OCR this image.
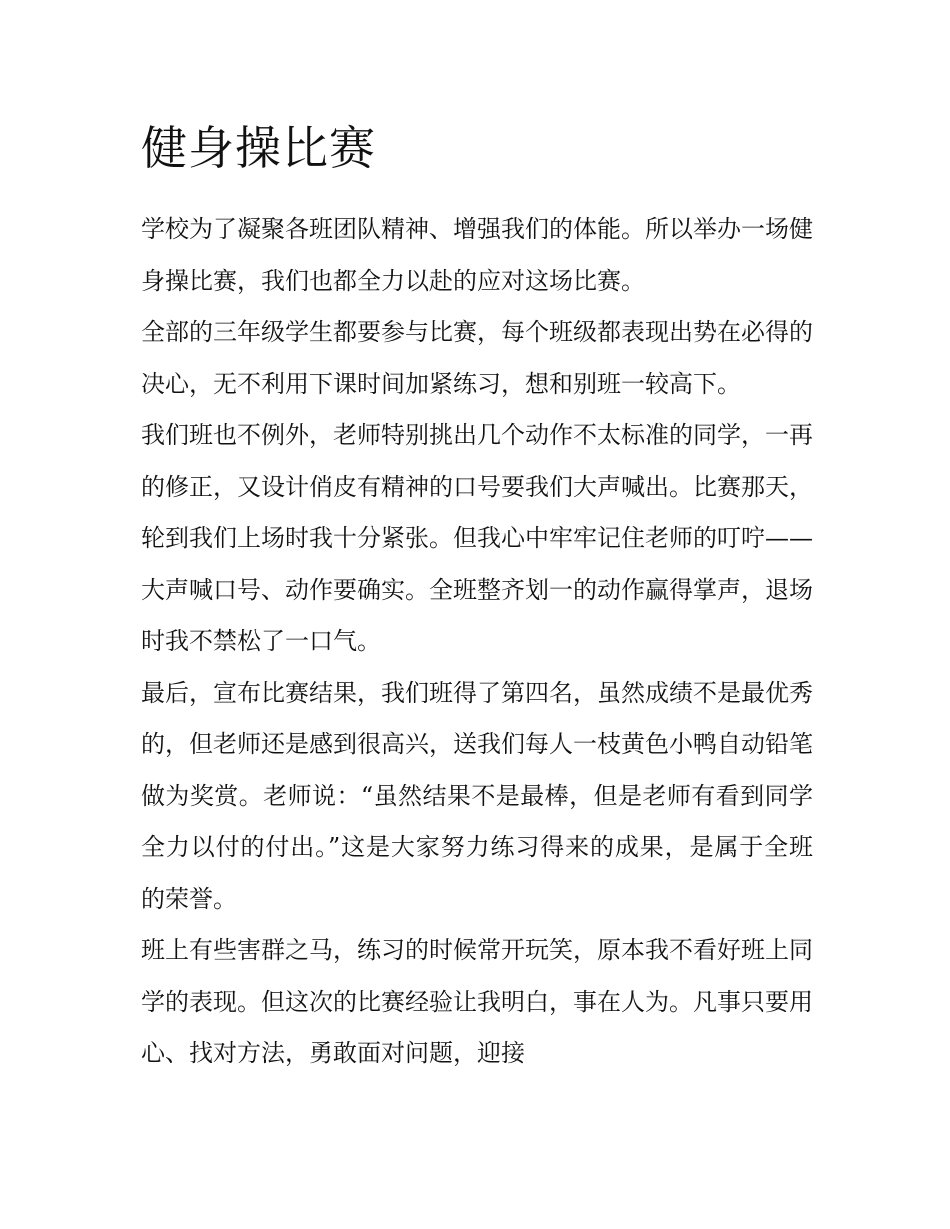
健身操比赛

学校为了凝聚各班团队精神、增强我们的体能。所以举办一场健身操比赛，我们也都全力以赴的应对这场比赛。

全部的三年级学生都要参与比赛，每个班级都表现出势在必得的决心，无不利用下课时间加紧练习，想和别班一较高下。

我们班也不例外，老师特别挑出几个动作不太标准的同学，一再的修正，又设计俏皮有精神的口号要我们大声喊出。比赛那天，轮到我们上场时我十分紧张。但我心中牢牢记住老师的叮咛——大声喊口号、动作要确实。全班整齐划一的动作赢得掌声，退场时我不禁松了一口气。

最后，宣布比赛结果，我们班得了第四名，虽然成绩不是最优秀的，但老师还是感到很高兴，送我们每人一枝黄色小鸭自动铅笔做为奖赏。老师说：“虽然结果不是最棒，但是老师有看到同学全力以付的付出。”这是大家努力练习得来的成果，是属于全班的荣誉。

班上有些害群之马，练习的时候常开玩笑，原本我不看好班上同学的表现。但这次的比赛经验让我明白，事在人为。凡事只要用心、找对方法，勇敢面对问题，迎接
